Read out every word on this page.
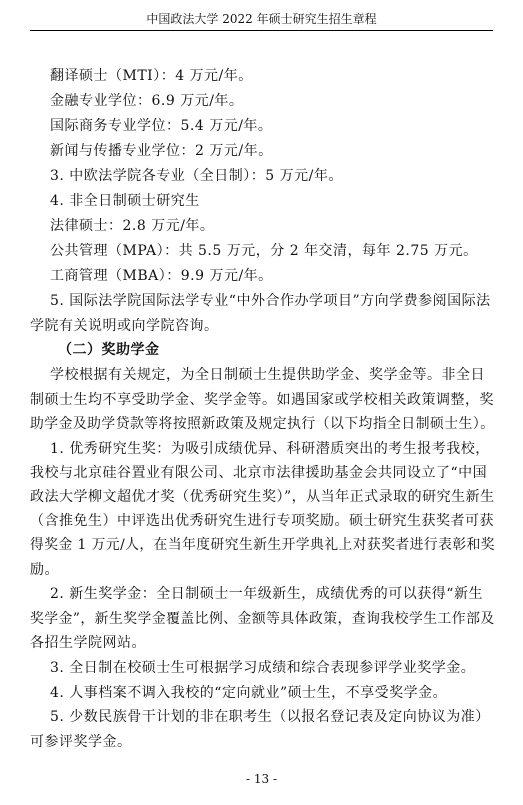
中国政法大学 2022 年硕士研究生招生章程
翻译硕士（MTI）：4 万元/年。
金融专业学位：6.9 万元/年。
国际商务专业学位：5.4 万元/年。
新闻与传播专业学位：2 万元/年。
3. 中欧法学院各专业（全日制）：5 万元/年。
4. 非全日制硕士研究生
法律硕士：2.8 万元/年。
公共管理（MPA）：共 5.5 万元，分 2 年交清，每年 2.75 万元。
工商管理（MBA）：9.9 万元/年。
5. 国际法学院国际法学专业“中外合作办学项目”方向学费参阅国际法
学院有关说明或向学院咨询。
（二）奖助学金
学校根据有关规定，为全日制硕士生提供助学金、奖学金等。非全日
制硕士生均不享受助学金、奖学金等。如遇国家或学校相关政策调整，奖
助学金及助学贷款等将按照新政策及规定执行（以下均指全日制硕士生）。
1. 优秀研究生奖：为吸引成绩优异、科研潜质突出的考生报考我校，
我校与北京硅谷置业有限公司、北京市法律援助基金会共同设立了“中国
政法大学柳文超优才奖（优秀研究生奖）”，从当年正式录取的研究生新生
（含推免生）中评选出优秀研究生进行专项奖励。硕士研究生获奖者可获
得奖金 1 万元/人，在当年度研究生新生开学典礼上对获奖者进行表彰和奖
励。
2. 新生奖学金：全日制硕士一年级新生，成绩优秀的可以获得“新生
奖学金”，新生奖学金覆盖比例、金额等具体政策，查询我校学生工作部及
各招生学院网站。
3. 全日制在校硕士生可根据学习成绩和综合表现参评学业奖学金。
4. 人事档案不调入我校的“定向就业”硕士生，不享受奖学金。
5. 少数民族骨干计划的非在职考生（以报名登记表及定向协议为准）
可参评奖学金。
- 13 -
